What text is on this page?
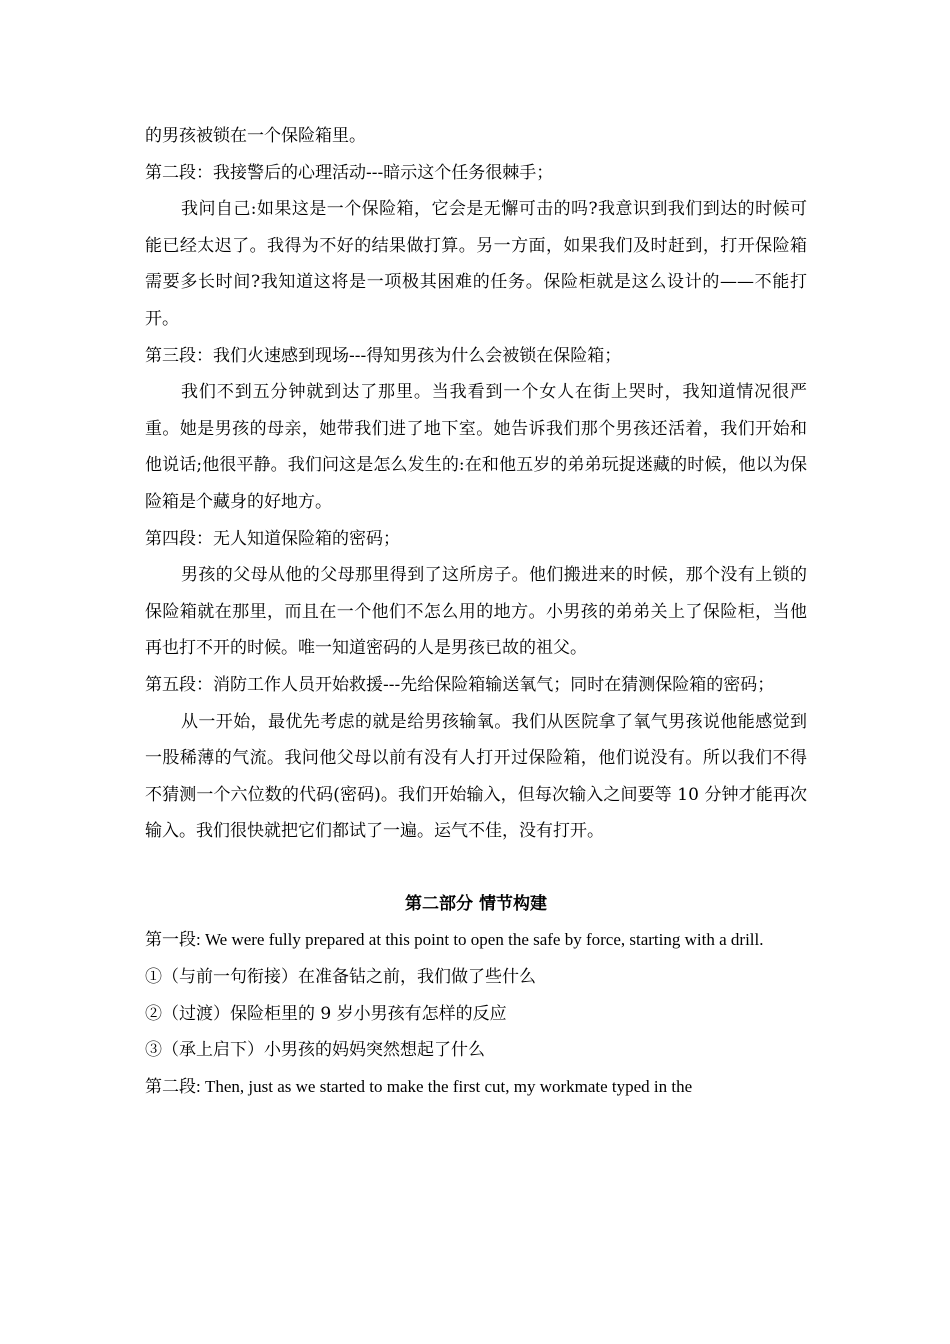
的男孩被锁在一个保险箱里。

第二段：我接警后的心理活动---暗示这个任务很棘手；

我问自己:如果这是一个保险箱，它会是无懈可击的吗?我意识到我们到达的时候可能已经太迟了。我得为不好的结果做打算。另一方面，如果我们及时赶到，打开保险箱需要多长时间?我知道这将是一项极其困难的任务。保险柜就是这么设计的——不能打开。

第三段：我们火速感到现场---得知男孩为什么会被锁在保险箱；

我们不到五分钟就到达了那里。当我看到一个女人在街上哭时，我知道情况很严重。她是男孩的母亲，她带我们进了地下室。她告诉我们那个男孩还活着，我们开始和他说话;他很平静。我们问这是怎么发生的:在和他五岁的弟弟玩捉迷藏的时候，他以为保险箱是个藏身的好地方。

第四段：无人知道保险箱的密码；

男孩的父母从他的父母那里得到了这所房子。他们搬进来的时候，那个没有上锁的保险箱就在那里，而且在一个他们不怎么用的地方。小男孩的弟弟关上了保险柜，当他再也打不开的时候。唯一知道密码的人是男孩已故的祖父。

第五段：消防工作人员开始救援---先给保险箱输送氧气；同时在猜测保险箱的密码；

从一开始，最优先考虑的就是给男孩输氧。我们从医院拿了氧气男孩说他能感觉到一股稀薄的气流。我问他父母以前有没有人打开过保险箱，他们说没有。所以我们不得不猜测一个六位数的代码(密码)。我们开始输入，但每次输入之间要等 10 分钟才能再次输入。我们很快就把它们都试了一遍。运气不佳，没有打开。

第二部分 情节构建

第一段: We were fully prepared at this point to open the safe by force, starting with a drill.

①（与前一句衔接）在准备钻之前，我们做了些什么

②（过渡）保险柜里的 9 岁小男孩有怎样的反应

③（承上启下）小男孩的妈妈突然想起了什么

第二段: Then, just as we started to make the first cut, my workmate typed in the
